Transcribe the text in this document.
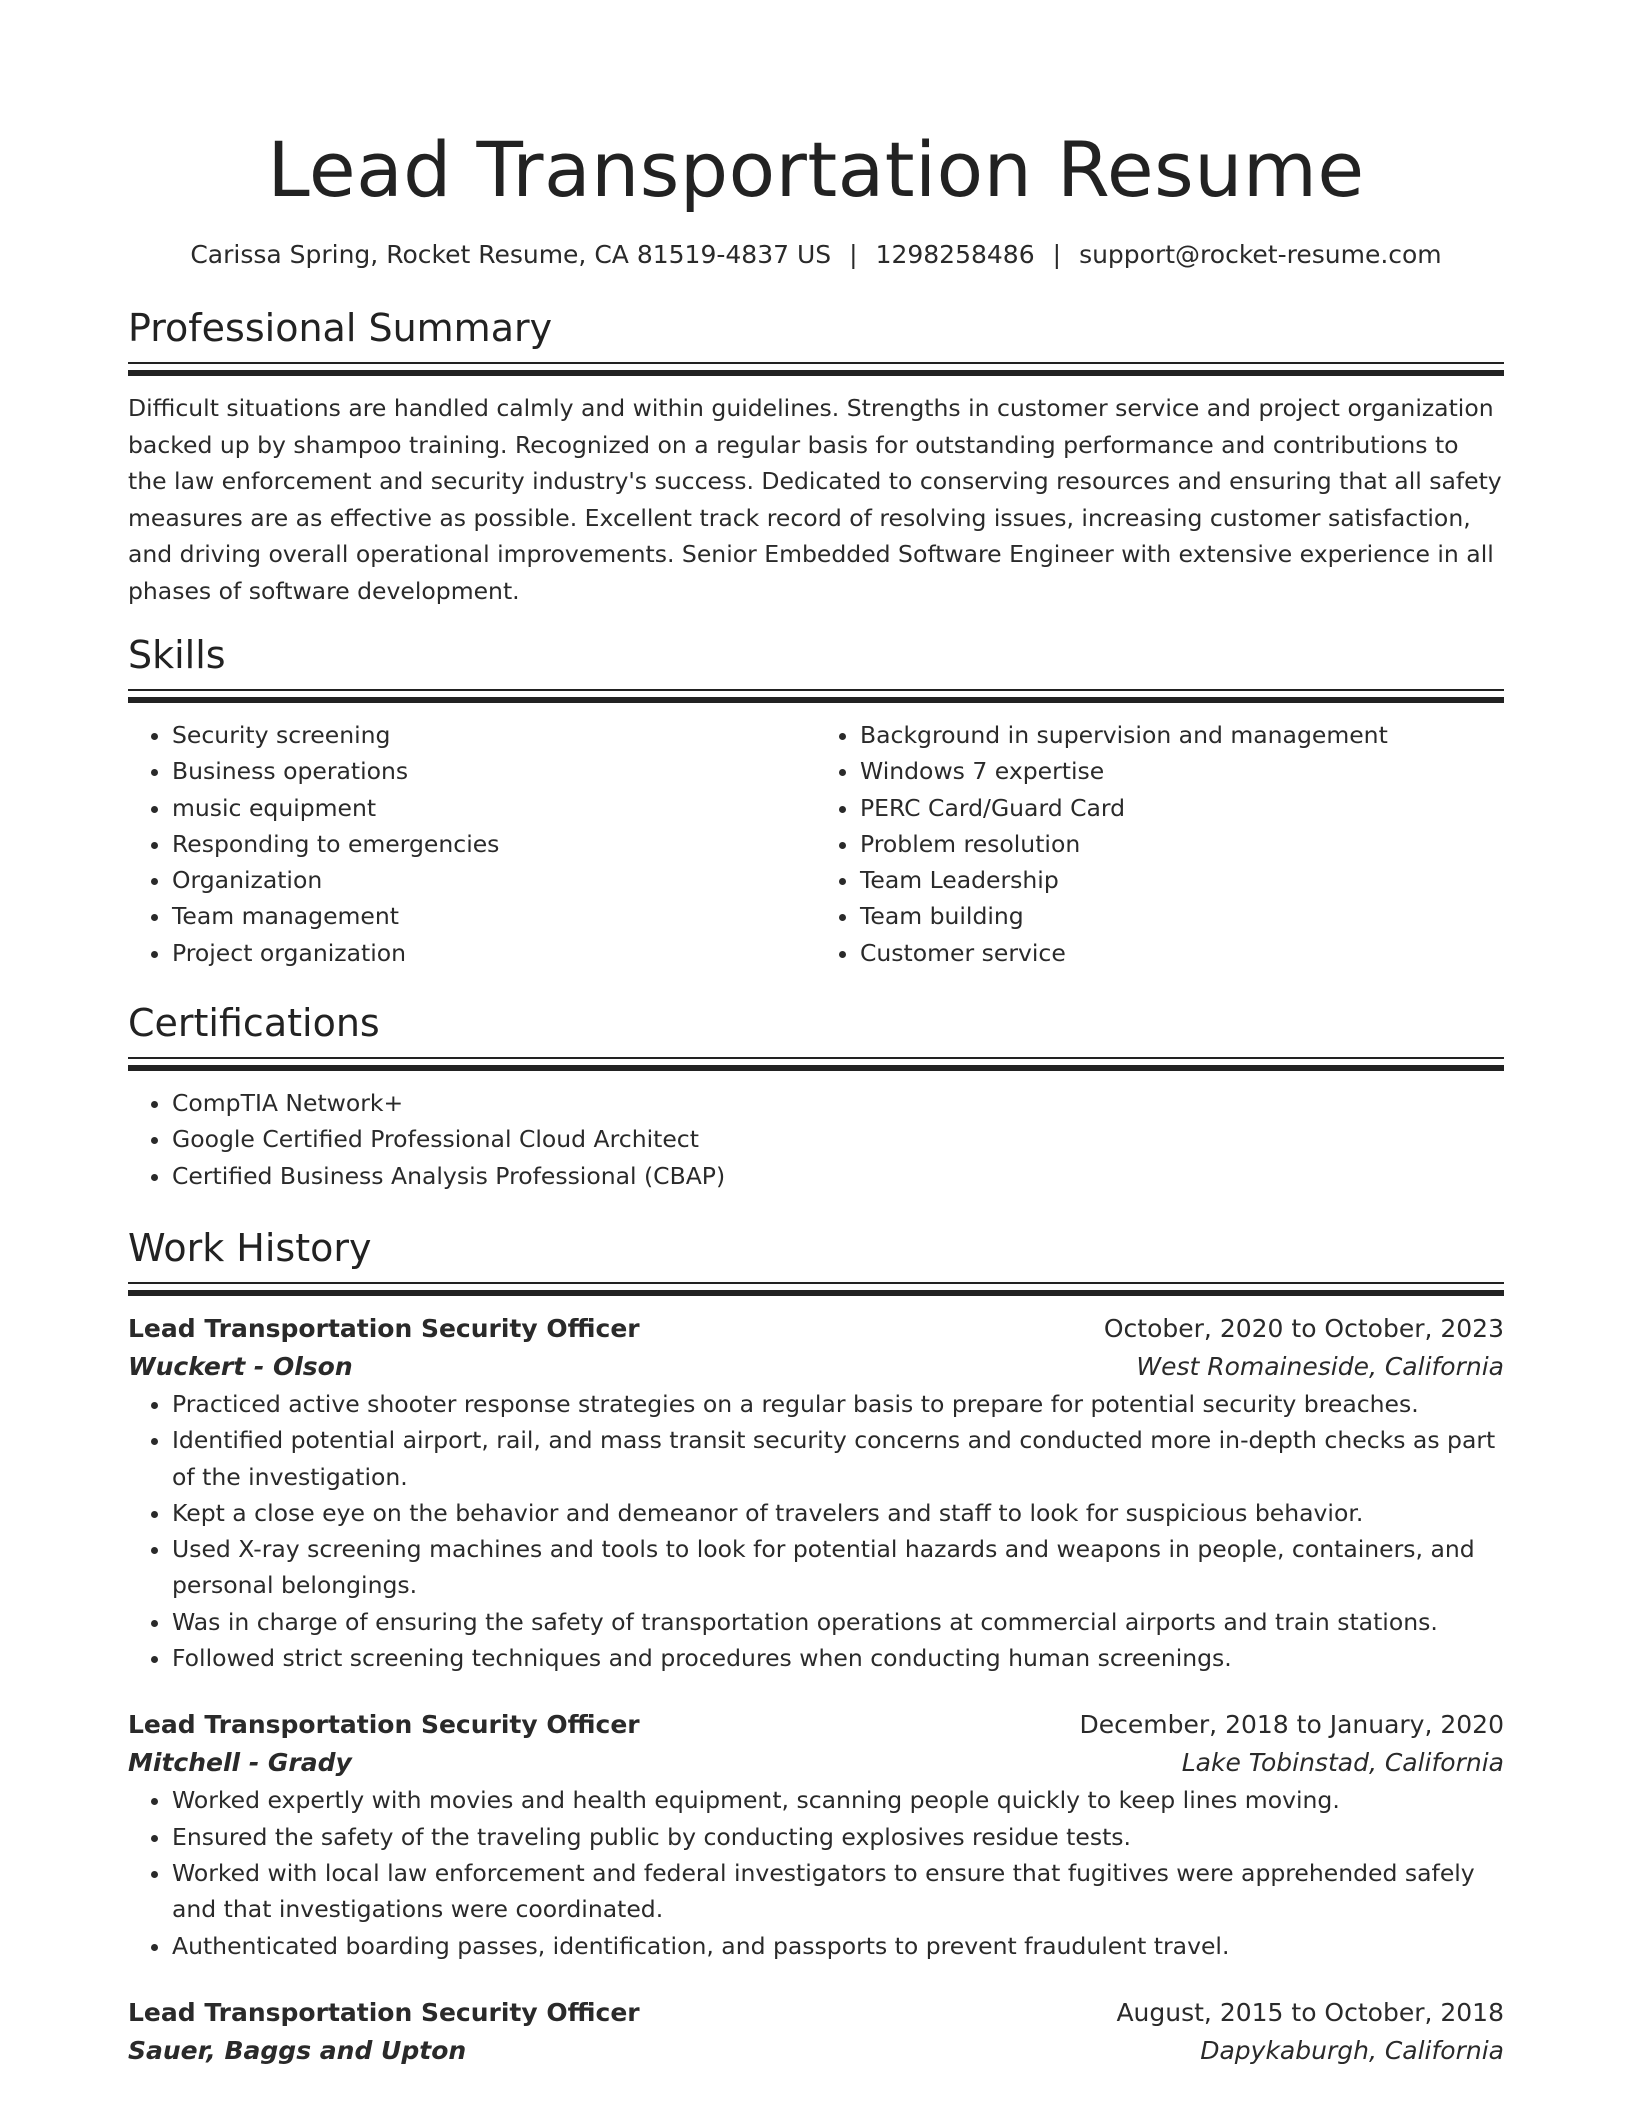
Lead Transportation Resume
Carissa Spring, Rocket Resume, CA 81519-4837 US | 1298258486 | support@rocket-resume.com
Professional Summary

Difficult situations are handled calmly and within guidelines. Strengths in customer service and project organization backed up by shampoo training. Recognized on a regular basis for outstanding performance and contributions to the law enforcement and security industry's success. Dedicated to conserving resources and ensuring that all safety measures are as effective as possible. Excellent track record of resolving issues, increasing customer satisfaction, and driving overall operational improvements. Senior Embedded Software Engineer with extensive experience in all phases of software development.

Skills
• Security screening
• Business operations
• music equipment
• Responding to emergencies
• Organization
• Team management
• Project organization
• Background in supervision and management
• Windows 7 expertise
• PERC Card/Guard Card
• Problem resolution
• Team Leadership
• Team building
• Customer service
Certifications
• CompTIA Network+
• Google Certified Professional Cloud Architect
• Certified Business Analysis Professional (CBAP)
Work History
Lead Transportation Security Officer	October, 2020 to October, 2023
Wuckert - Olson	West Romaineside, California
• Practiced active shooter response strategies on a regular basis to prepare for potential security breaches.
• Identified potential airport, rail, and mass transit security concerns and conducted more in-depth checks as part of the investigation.
• Kept a close eye on the behavior and demeanor of travelers and staff to look for suspicious behavior.
• Used X-ray screening machines and tools to look for potential hazards and weapons in people, containers, and personal belongings.
• Was in charge of ensuring the safety of transportation operations at commercial airports and train stations.
• Followed strict screening techniques and procedures when conducting human screenings.
Lead Transportation Security Officer	December, 2018 to January, 2020
Mitchell - Grady	Lake Tobinstad, California
• Worked expertly with movies and health equipment, scanning people quickly to keep lines moving.
• Ensured the safety of the traveling public by conducting explosives residue tests.
• Worked with local law enforcement and federal investigators to ensure that fugitives were apprehended safely and that investigations were coordinated.
• Authenticated boarding passes, identification, and passports to prevent fraudulent travel.
Lead Transportation Security Officer	August, 2015 to October, 2018
Sauer, Baggs and Upton	Dapykaburgh, California
